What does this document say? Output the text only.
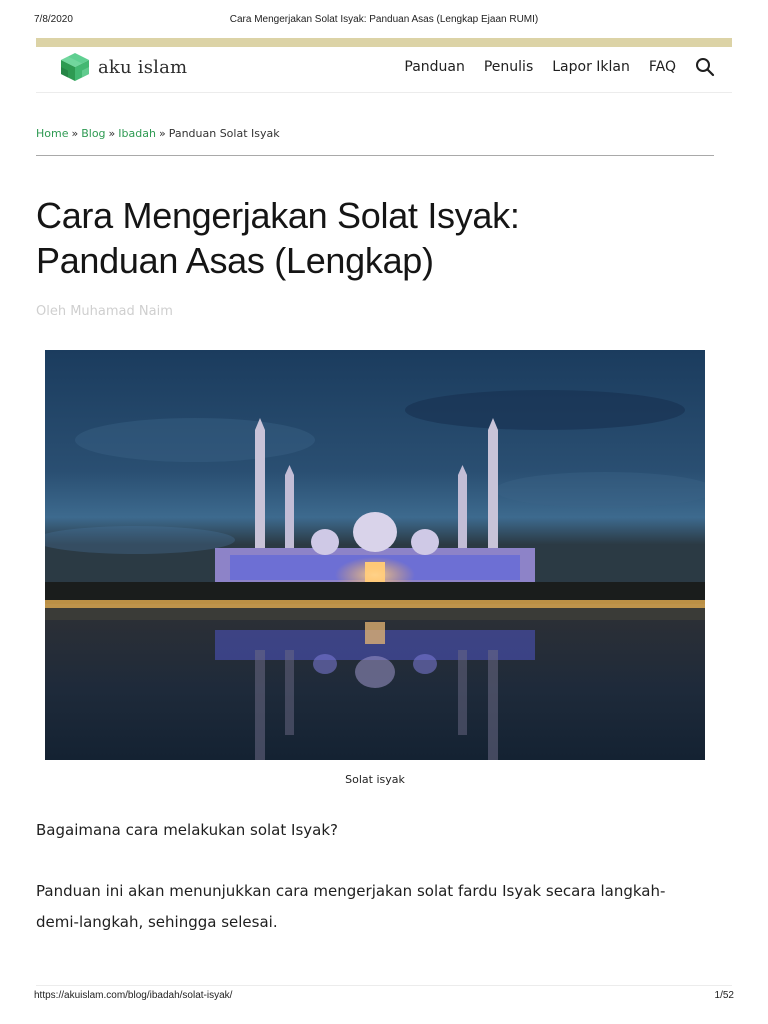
7/8/2020	Cara Mengerjakan Solat Isyak: Panduan Asas (Lengkap Ejaan RUMI)
aku islam	Panduan Penulis Lapor Iklan FAQ
Home » Blog » Ibadah » Panduan Solat Isyak
Cara Mengerjakan Solat Isyak:
Panduan Asas (Lengkap)
Oleh Muhamad Naim
Solat isyak

Bagaimana cara melakukan solat Isyak?

Panduan ini akan menunjukkan cara mengerjakan solat fardu Isyak secara langkah-
demi-langkah, sehingga selesai.

https://akuislam.com/blog/ibadah/solat-isyak/	1/52
